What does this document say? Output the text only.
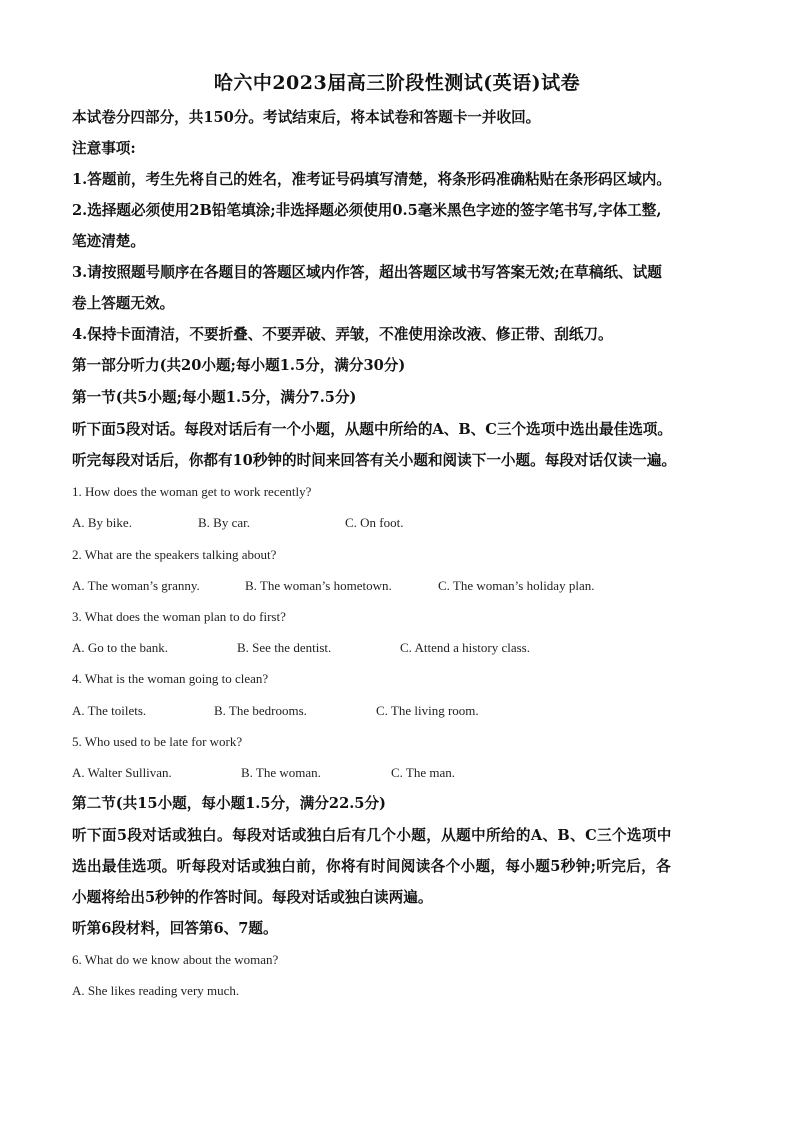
哈六中2023届高三阶段性测试(英语)试卷

本试卷分四部分，共150分。考试结束后，将本试卷和答题卡一并收回。

注意事项:

1.答题前，考生先将自己的姓名，准考证号码填写清楚，将条形码准确粘贴在条形码区域内。

2.选择题必须使用2B铅笔填涂;非选择题必须使用0.5毫米黑色字迹的签字笔书写,字体工整,

笔迹清楚。

3.请按照题号顺序在各题目的答题区域内作答，超出答题区域书写答案无效;在草稿纸、试题

卷上答题无效。

4.保持卡面清洁，不要折叠、不要弄破、弄皱，不准使用涂改液、修正带、刮纸刀。

第一部分听力(共20小题;每小题1.5分，满分30分)

第一节(共5小题;每小题1.5分，满分7.5分)

听下面5段对话。每段对话后有一个小题，从题中所给的A、B、C三个选项中选出最佳选项。

听完每段对话后，你都有10秒钟的时间来回答有关小题和阅读下一小题。每段对话仅读一遍。

1. How does the woman get to work recently?

A. By bike.	B. By car.	C. On foot.

2. What are the speakers talking about?

A. The woman’s granny.	B. The woman’s hometown.	C. The woman’s holiday plan.

3. What does the woman plan to do first?

A. Go to the bank.	B. See the dentist.	C. Attend a history class.

4. What is the woman going to clean?

A. The toilets.	B. The bedrooms.	C. The living room.

5. Who used to be late for work?

A. Walter Sullivan.	B. The woman.	C. The man.

第二节(共15小题，每小题1.5分，满分22.5分)

听下面5段对话或独白。每段对话或独白后有几个小题，从题中所给的A、B、C三个选项中

选出最佳选项。听每段对话或独白前，你将有时间阅读各个小题，每小题5秒钟;听完后，各

小题将给出5秒钟的作答时间。每段对话或独白读两遍。

听第6段材料，回答第6、7题。

6. What do we know about the woman?

A. She likes reading very much.
